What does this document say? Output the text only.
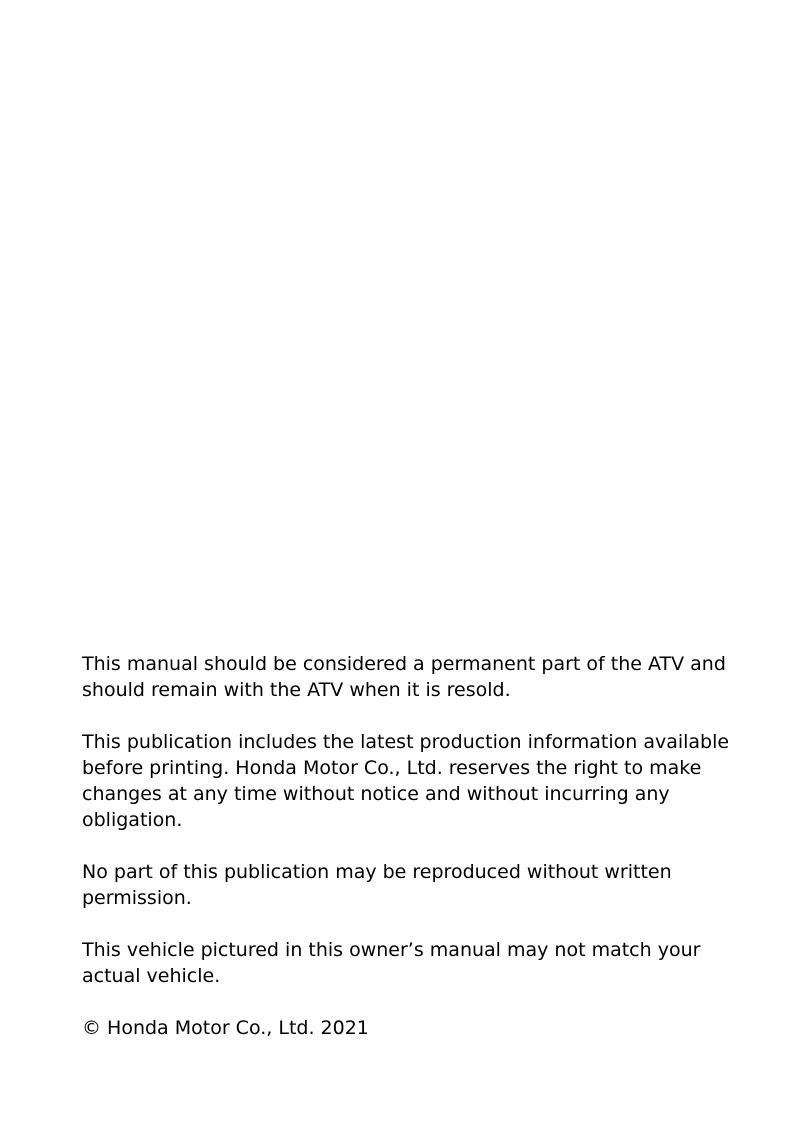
This manual should be considered a permanent part of the ATV and should remain with the ATV when it is resold.

This publication includes the latest production information available before printing. Honda Motor Co., Ltd. reserves the right to make changes at any time without notice and without incurring any obligation.

No part of this publication may be reproduced without written permission.

This vehicle pictured in this owner’s manual may not match your actual vehicle.

© Honda Motor Co., Ltd. 2021
